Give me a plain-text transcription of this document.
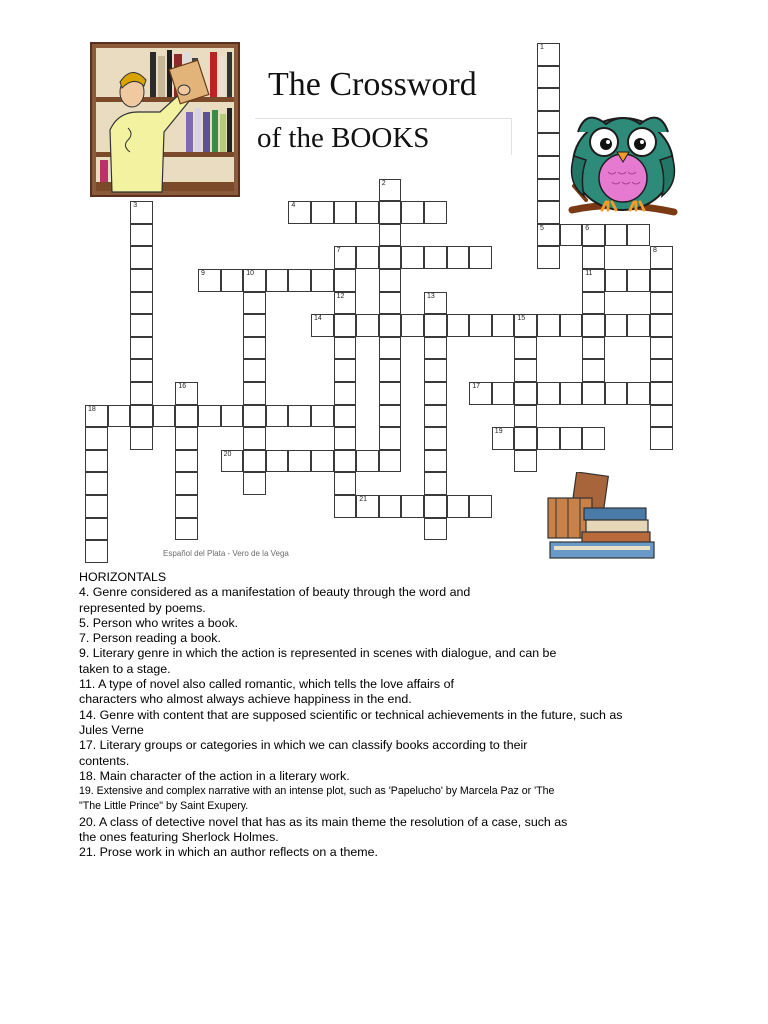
The Crossword
of the BOOKS
1
5
2
3	4
6
11
7	8
9	10
12	13
14	15
16	17
18
19
20
21
Español del Plata - Vero de la Vega
HORIZONTALS
4. Genre considered as a manifestation of beauty through the word and
represented by poems.
5. Person who writes a book.
7. Person reading a book.
9. Literary genre in which the action is represented in scenes with dialogue, and can be
taken to a stage.
11. A type of novel also called romantic, which tells the love affairs of
characters who almost always achieve happiness in the end.
14. Genre with content that are supposed scientific or technical achievements in the future, such as
Jules Verne
17. Literary groups or categories in which we can classify books according to their
contents.
18. Main character of the action in a literary work.
19. Extensive and complex narrative with an intense plot, such as 'Papelucho' by Marcela Paz or 'The
"The Little Prince" by Saint Exupery.
20. A class of detective novel that has as its main theme the resolution of a case, such as
the ones featuring Sherlock Holmes.
21. Prose work in which an author reflects on a theme.
